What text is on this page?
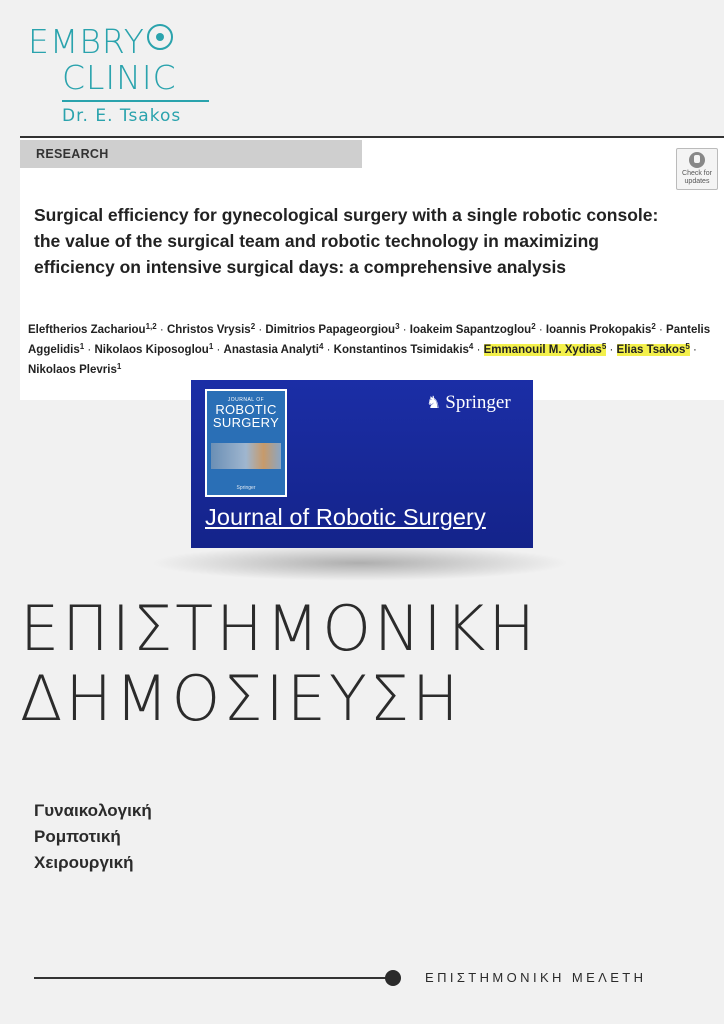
EMBRY
CLINIC
Dr. E. Tsakos
RESEARCH
Check for updates
Surgical efficiency for gynecological surgery with a single robotic console: the value of the surgical team and robotic technology in maximizing efficiency on intensive surgical days: a comprehensive analysis

Eleftherios Zachariou$^{1,2}$ · Christos Vrysis$^2$ · Dimitrios Papageorgiou$^3$ · Ioakeim Sapantzoglou$^2$ · Ioannis Prokopakis$^2$ · Pantelis Aggelidis$^1$ · Nikolaos Kiposoglou$^1$ · Anastasia Analyti$^4$ · Konstantinos Tsimidakis$^4$ · Emmanouil M. Xydias$^5$ · Elias Tsakos$^5$ · Nikolaos Plevris$^1$

JOURNAL OF
ROBOTIC
SURGERY
Springer
♞ Springer
Journal of Robotic Surgery
ΕΠΙΣΤΗΜΟΝΙΚΗ
ΔΗΜΟΣΙΕΥΣΗ
Γυναικολογική
Ρομποτική
Χειρουργική
ΕΠΙΣΤΗΜΟΝΙΚΗ ΜΕΛΕΤΗ
